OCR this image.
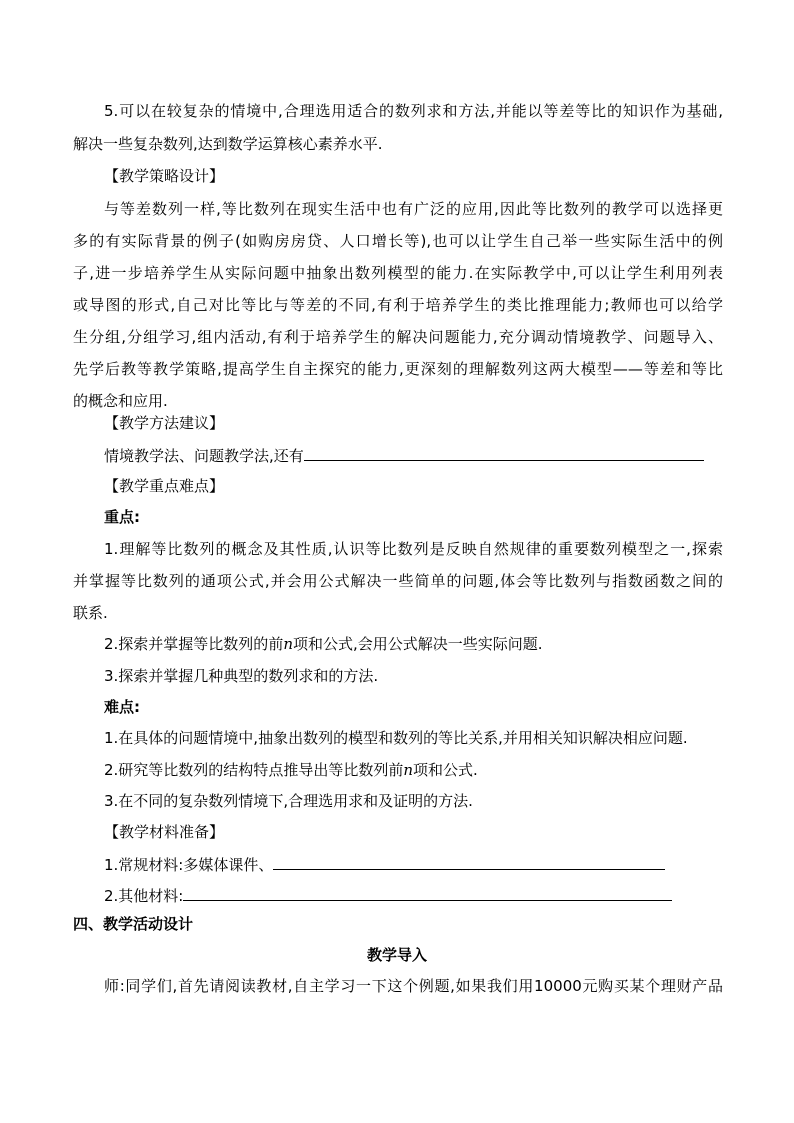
5.可以在较复杂的情境中,合理选用适合的数列求和方法,并能以等差等比的知识作为基础,
解决一些复杂数列,达到数学运算核心素养水平.
【教学策略设计】
与等差数列一样,等比数列在现实生活中也有广泛的应用,因此等比数列的教学可以选择更
多的有实际背景的例子(如购房房贷、人口增长等),也可以让学生自己举一些实际生活中的例
子,进一步培养学生从实际问题中抽象出数列模型的能力.在实际教学中,可以让学生利用列表
或导图的形式,自己对比等比与等差的不同,有利于培养学生的类比推理能力;教师也可以给学
生分组,分组学习,组内活动,有利于培养学生的解决问题能力,充分调动情境教学、问题导入、
先学后教等教学策略,提高学生自主探究的能力,更深刻的理解数列这两大模型——等差和等比
的概念和应用.
【教学方法建议】
情境教学法、问题教学法,还有
【教学重点难点】
重点:
1.理解等比数列的概念及其性质,认识等比数列是反映自然规律的重要数列模型之一,探索
并掌握等比数列的通项公式,并会用公式解决一些简单的问题,体会等比数列与指数函数之间的
联系.
2.探索并掌握等比数列的前n项和公式,会用公式解决一些实际问题.
3.探索并掌握几种典型的数列求和的方法.
难点:
1.在具体的问题情境中,抽象出数列的模型和数列的等比关系,并用相关知识解决相应问题.
2.研究等比数列的结构特点推导出等比数列前n项和公式.
3.在不同的复杂数列情境下,合理选用求和及证明的方法.
【教学材料准备】
1.常规材料:多媒体课件、
2.其他材料:
四、教学活动设计
教学导入
师:同学们,首先请阅读教材,自主学习一下这个例题,如果我们用10000元购买某个理财产品
